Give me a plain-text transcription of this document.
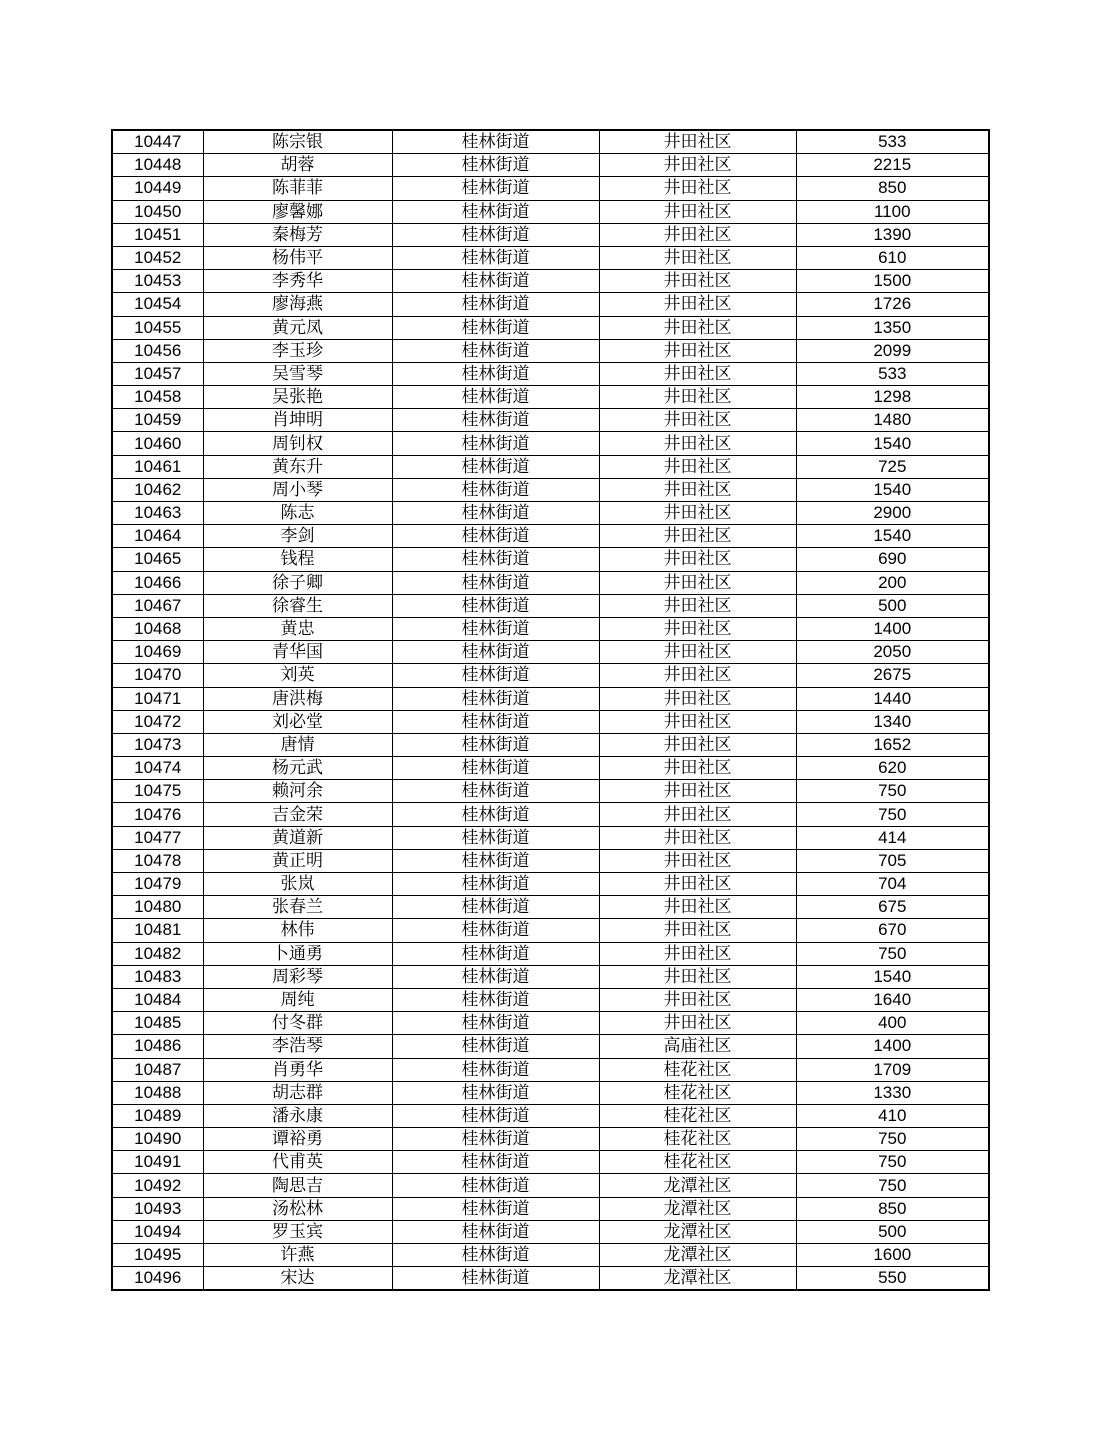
10447	陈宗银	桂林街道	井田社区	533
10448	胡蓉	桂林街道	井田社区	2215
10449	陈菲菲	桂林街道	井田社区	850
10450	廖馨娜	桂林街道	井田社区	1100
10451	秦梅芳	桂林街道	井田社区	1390
10452	杨伟平	桂林街道	井田社区	610
10453	李秀华	桂林街道	井田社区	1500
10454	廖海燕	桂林街道	井田社区	1726
10455	黄元凤	桂林街道	井田社区	1350
10456	李玉珍	桂林街道	井田社区	2099
10457	吴雪琴	桂林街道	井田社区	533
10458	吴张艳	桂林街道	井田社区	1298
10459	肖坤明	桂林街道	井田社区	1480
10460	周钊权	桂林街道	井田社区	1540
10461	黄东升	桂林街道	井田社区	725
10462	周小琴	桂林街道	井田社区	1540
10463	陈志	桂林街道	井田社区	2900
10464	李剑	桂林街道	井田社区	1540
10465	钱程	桂林街道	井田社区	690
10466	徐子卿	桂林街道	井田社区	200
10467	徐睿生	桂林街道	井田社区	500
10468	黄忠	桂林街道	井田社区	1400
10469	青华国	桂林街道	井田社区	2050
10470	刘英	桂林街道	井田社区	2675
10471	唐洪梅	桂林街道	井田社区	1440
10472	刘必堂	桂林街道	井田社区	1340
10473	唐情	桂林街道	井田社区	1652
10474	杨元武	桂林街道	井田社区	620
10475	赖河余	桂林街道	井田社区	750
10476	吉金荣	桂林街道	井田社区	750
10477	黄道新	桂林街道	井田社区	414
10478	黄正明	桂林街道	井田社区	705
10479	张岚	桂林街道	井田社区	704
10480	张春兰	桂林街道	井田社区	675
10481	林伟	桂林街道	井田社区	670
10482	卜通勇	桂林街道	井田社区	750
10483	周彩琴	桂林街道	井田社区	1540
10484	周纯	桂林街道	井田社区	1640
10485	付冬群	桂林街道	井田社区	400
10486	李浩琴	桂林街道	高庙社区	1400
10487	肖勇华	桂林街道	桂花社区	1709
10488	胡志群	桂林街道	桂花社区	1330
10489	潘永康	桂林街道	桂花社区	410
10490	谭裕勇	桂林街道	桂花社区	750
10491	代甫英	桂林街道	桂花社区	750
10492	陶思吉	桂林街道	龙潭社区	750
10493	汤松林	桂林街道	龙潭社区	850
10494	罗玉宾	桂林街道	龙潭社区	500
10495	许燕	桂林街道	龙潭社区	1600
10496	宋达	桂林街道	龙潭社区	550
